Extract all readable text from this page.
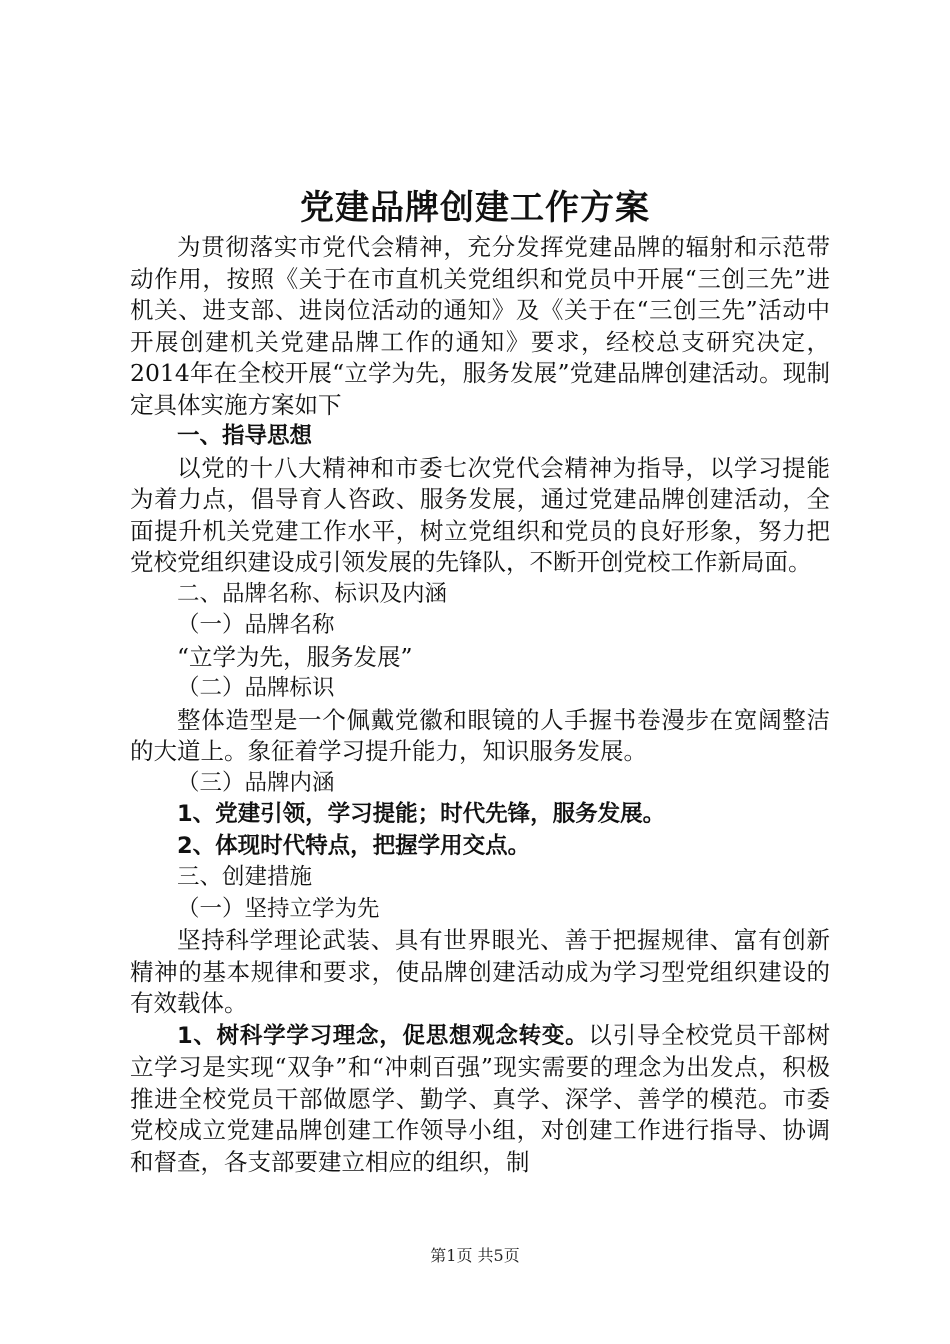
党建品牌创建工作方案

为贯彻落实市党代会精神，充分发挥党建品牌的辐射和示范带动作用，按照《关于在市直机关党组织和党员中开展“三创三先”进机关、进支部、进岗位活动的通知》及《关于在“三创三先”活动中开展创建机关党建品牌工作的通知》要求，经校总支研究决定，2014年在全校开展“立学为先，服务发展”党建品牌创建活动。现制定具体实施方案如下

一、指导思想

以党的十八大精神和市委七次党代会精神为指导，以学习提能为着力点，倡导育人咨政、服务发展，通过党建品牌创建活动，全面提升机关党建工作水平，树立党组织和党员的良好形象，努力把党校党组织建设成引领发展的先锋队，不断开创党校工作新局面。

二、品牌名称、标识及内涵

（一）品牌名称

“立学为先，服务发展”

（二）品牌标识

整体造型是一个佩戴党徽和眼镜的人手握书卷漫步在宽阔整洁的大道上。象征着学习提升能力，知识服务发展。

（三）品牌内涵

1、党建引领，学习提能；时代先锋，服务发展。

2、体现时代特点，把握学用交点。

三、创建措施

（一）坚持立学为先

坚持科学理论武装、具有世界眼光、善于把握规律、富有创新精神的基本规律和要求，使品牌创建活动成为学习型党组织建设的有效载体。

1、树科学学习理念，促思想观念转变。以引导全校党员干部树立学习是实现“双争”和“冲刺百强”现实需要的理念为出发点，积极推进全校党员干部做愿学、勤学、真学、深学、善学的模范。市委党校成立党建品牌创建工作领导小组，对创建工作进行指导、协调和督查，各支部要建立相应的组织，制

第1页 共5页
